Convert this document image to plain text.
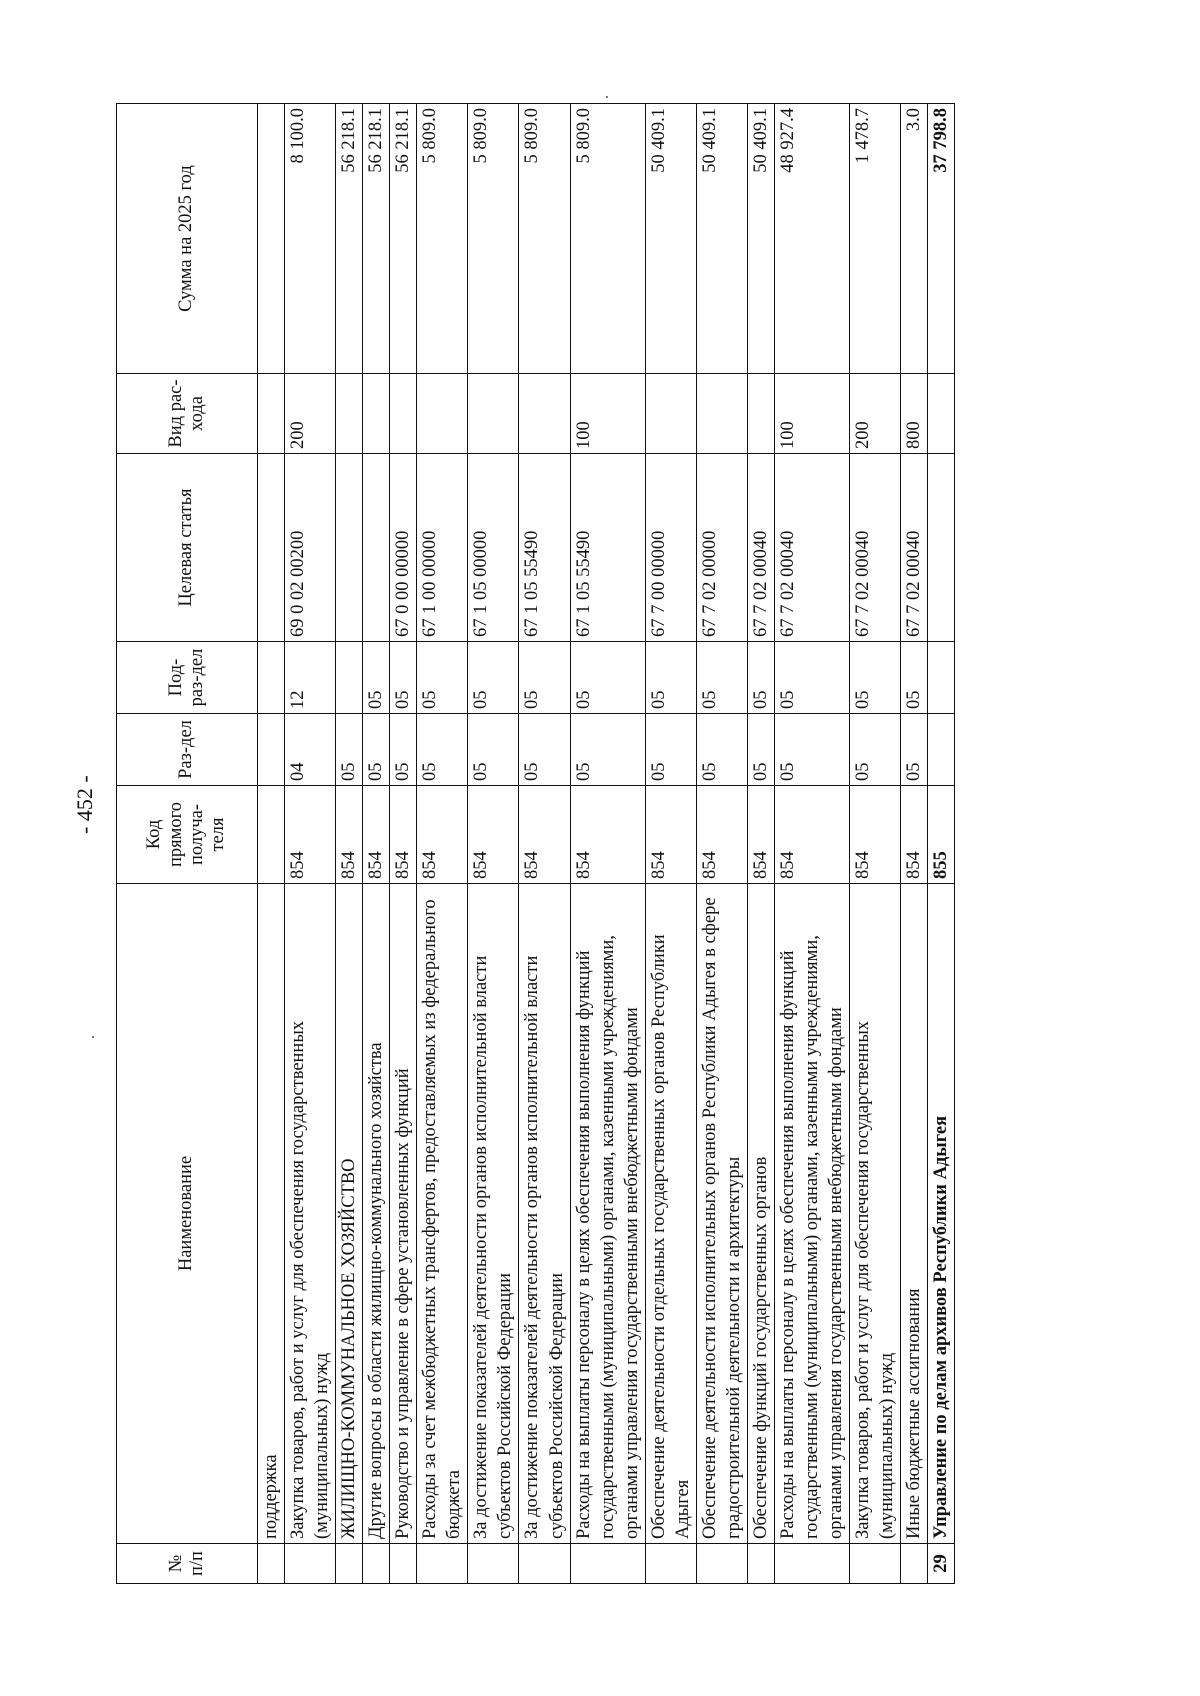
- 452 -
№ п/п	Наименование	Код прямого получа-теля	Раз-дел	Под-раз-дел	Целевая статья	Вид рас-хода	Сумма на 2025 год
	поддержка						
	Закупка товаров, работ и услуг для обеспечения государственных (муниципальных) нужд	854	04	12	69 0 02 00200	200	8 100.0
	ЖИЛИЩНО-КОММУНАЛЬНОЕ ХОЗЯЙСТВО	854	05				56 218.1
	Другие вопросы в области жилищно-коммунального хозяйства	854	05	05			56 218.1
	Руководство и управление в сфере установленных функций	854	05	05	67 0 00 00000		56 218.1
	Расходы за счет межбюджетных трансфертов, предоставляемых из федерального бюджета	854	05	05	67 1 00 00000		5 809.0
	За достижение показателей деятельности органов исполнительной власти субъектов Российской Федерации	854	05	05	67 1 05 00000		5 809.0
	За достижение показателей деятельности органов исполнительной власти субъектов Российской Федерации	854	05	05	67 1 05 55490		5 809.0
	Расходы на выплаты персоналу в целях обеспечения выполнения функций государственными (муниципальными) органами, казенными учреждениями, органами управления государственными внебюджетными фондами	854	05	05	67 1 05 55490	100	5 809.0
	Обеспечение деятельности отдельных государственных органов Республики Адыгея	854	05	05	67 7 00 00000		50 409.1
	Обеспечение деятельности исполнительных органов Республики Адыгея в сфере градостроительной деятельности и архитектуры	854	05	05	67 7 02 00000		50 409.1
	Обеспечение функций государственных органов	854	05	05	67 7 02 00040		50 409.1
	Расходы на выплаты персоналу в целях обеспечения выполнения функций государственными (муниципальными) органами, казенными учреждениями, органами управления государственными внебюджетными фондами	854	05	05	67 7 02 00040	100	48 927.4
	Закупка товаров, работ и услуг для обеспечения государственных (муниципальных) нужд	854	05	05	67 7 02 00040	200	1 478.7
	Иные бюджетные ассигнования	854	05	05	67 7 02 00040	800	3.0
29	Управление по делам архивов Республики Адыгея	855					37 798.8
